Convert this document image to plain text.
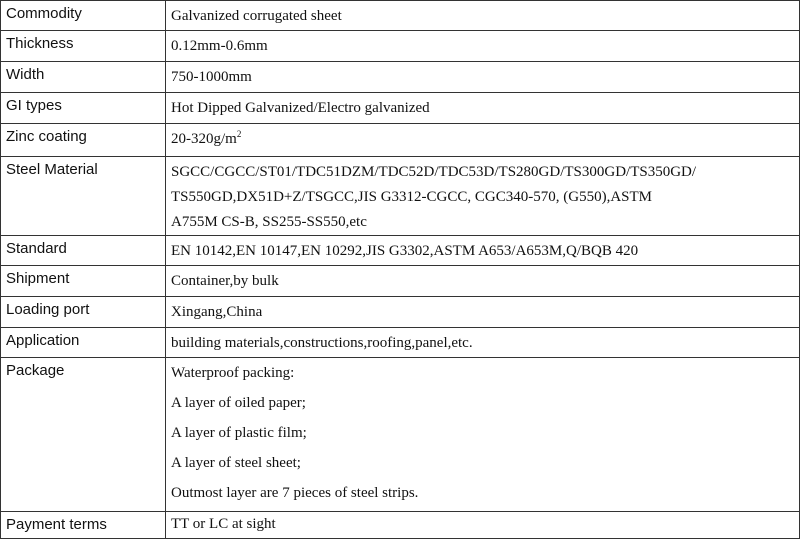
Commodity	Galvanized corrugated sheet
Thickness	0.12mm-0.6mm
Width	750-1000mm
GI types	Hot Dipped Galvanized/Electro galvanized
Zinc coating	$20-320g/m^2$
Steel Material	SGCC/CGCC/ST01/TDC51DZM/TDC52D/TDC53D/TS280GD/TS300GD/TS350GD/
TS550GD,DX51D+Z/TSGCC,JIS G3312-CGCC, CGC340-570, (G550),ASTM
A755M CS-B, SS255-SS550,etc

Standard	EN 10142,EN 10147,EN 10292,JIS G3302,ASTM A653/A653M,Q/BQB 420
Shipment	Container,by bulk
Loading port	Xingang,China
Application	building materials,constructions,roofing,panel,etc.
Package	Waterproof packing:
A layer of oiled paper;
A layer of plastic film;
A layer of steel sheet;
Outmost layer are 7 pieces of steel strips.

Payment terms	TT or LC at sight
